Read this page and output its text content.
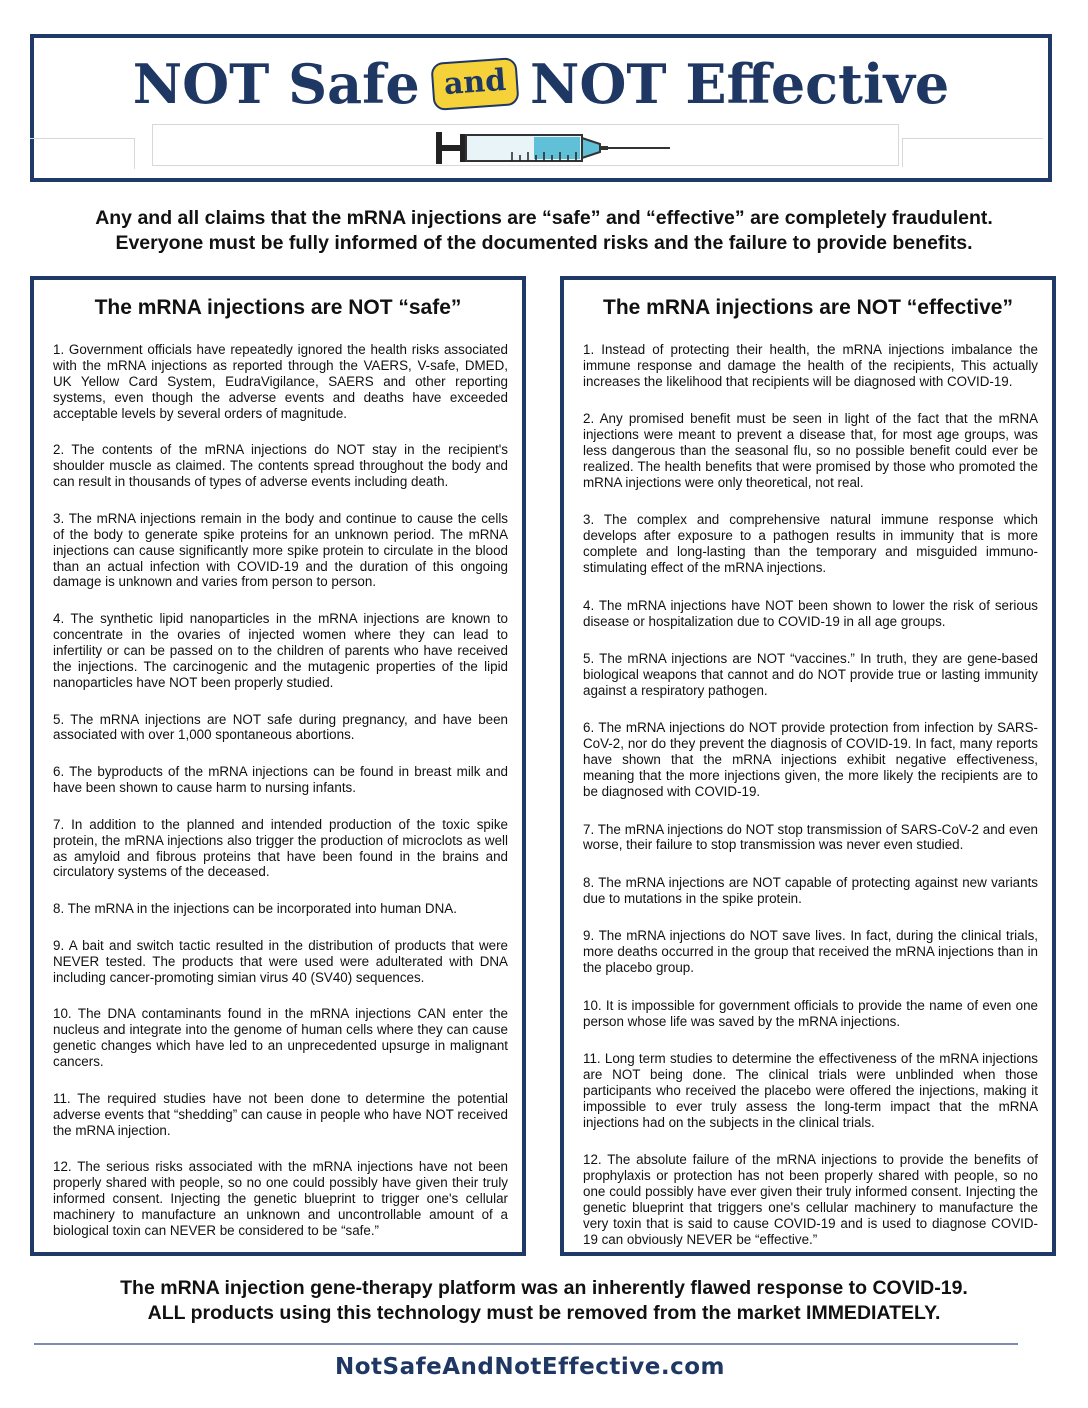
NOT Safe and NOT Effective
Any and all claims that the mRNA injections are “safe” and “effective” are completely fraudulent.
Everyone must be fully informed of the documented risks and the failure to provide benefits.
The mRNA injections are NOT “safe”

1. Government officials have repeatedly ignored the health risks associated with the mRNA injections as reported through the VAERS, V-safe, DMED, UK Yellow Card System, EudraVigilance, SAERS and other reporting systems, even though the adverse events and deaths have exceeded acceptable levels by several orders of magnitude.

2. The contents of the mRNA injections do NOT stay in the recipient's shoulder muscle as claimed. The contents spread throughout the body and can result in thousands of types of adverse events including death.

3. The mRNA injections remain in the body and continue to cause the cells of the body to generate spike proteins for an unknown period. The mRNA injections can cause significantly more spike protein to circulate in the blood than an actual infection with COVID-19 and the duration of this ongoing damage is unknown and varies from person to person.

4. The synthetic lipid nanoparticles in the mRNA injections are known to concentrate in the ovaries of injected women where they can lead to infertility or can be passed on to the children of parents who have received the injections. The carcinogenic and the mutagenic properties of the lipid nanoparticles have NOT been properly studied.

5. The mRNA injections are NOT safe during pregnancy, and have been associated with over 1,000 spontaneous abortions.

6. The byproducts of the mRNA injections can be found in breast milk and have been shown to cause harm to nursing infants.

7. In addition to the planned and intended production of the toxic spike protein, the mRNA injections also trigger the production of microclots as well as amyloid and fibrous proteins that have been found in the brains and circulatory systems of the deceased.

8. The mRNA in the injections can be incorporated into human DNA.

9. A bait and switch tactic resulted in the distribution of products that were NEVER tested. The products that were used were adulterated with DNA including cancer-promoting simian virus 40 (SV40) sequences.

10. The DNA contaminants found in the mRNA injections CAN enter the nucleus and integrate into the genome of human cells where they can cause genetic changes which have led to an unprecedented upsurge in malignant cancers.

11. The required studies have not been done to determine the potential adverse events that “shedding” can cause in people who have NOT received the mRNA injection.

12. The serious risks associated with the mRNA injections have not been properly shared with people, so no one could possibly have given their truly informed consent. Injecting the genetic blueprint to trigger one's cellular machinery to manufacture an unknown and uncontrollable amount of a biological toxin can NEVER be considered to be “safe.”

The mRNA injections are NOT “effective”

1. Instead of protecting their health, the mRNA injections imbalance the immune response and damage the health of the recipients, This actually increases the likelihood that recipients will be diagnosed with COVID-19.

2. Any promised benefit must be seen in light of the fact that the mRNA injections were meant to prevent a disease that, for most age groups, was less dangerous than the seasonal flu, so no possible benefit could ever be realized. The health benefits that were promised by those who promoted the mRNA injections were only theoretical, not real.

3. The complex and comprehensive natural immune response which develops after exposure to a pathogen results in immunity that is more complete and long-lasting than the temporary and misguided immuno-stimulating effect of the mRNA injections.

4. The mRNA injections have NOT been shown to lower the risk of serious disease or hospitalization due to COVID-19 in all age groups.

5. The mRNA injections are NOT “vaccines.” In truth, they are gene-based biological weapons that cannot and do NOT provide true or lasting immunity against a respiratory pathogen.

6. The mRNA injections do NOT provide protection from infection by SARS-CoV-2, nor do they prevent the diagnosis of COVID-19. In fact, many reports have shown that the mRNA injections exhibit negative effectiveness, meaning that the more injections given, the more likely the recipients are to be diagnosed with COVID-19.

7. The mRNA injections do NOT stop transmission of SARS-CoV-2 and even worse, their failure to stop transmission was never even studied.

8. The mRNA injections are NOT capable of protecting against new variants due to mutations in the spike protein.

9. The mRNA injections do NOT save lives. In fact, during the clinical trials, more deaths occurred in the group that received the mRNA injections than in the placebo group.

10. It is impossible for government officials to provide the name of even one person whose life was saved by the mRNA injections.

11. Long term studies to determine the effectiveness of the mRNA injections are NOT being done. The clinical trials were unblinded when those participants who received the placebo were offered the injections, making it impossible to ever truly assess the long-term impact that the mRNA injections had on the subjects in the clinical trials.

12. The absolute failure of the mRNA injections to provide the benefits of prophylaxis or protection has not been properly shared with people, so no one could possibly have ever given their truly informed consent. Injecting the genetic blueprint that triggers one's cellular machinery to manufacture the very toxin that is said to cause COVID-19 and is used to diagnose COVID-19 can obviously NEVER be “effective.”

The mRNA injection gene-therapy platform was an inherently flawed response to COVID-19.
ALL products using this technology must be removed from the market IMMEDIATELY.
NotSafeAndNotEffective.com
